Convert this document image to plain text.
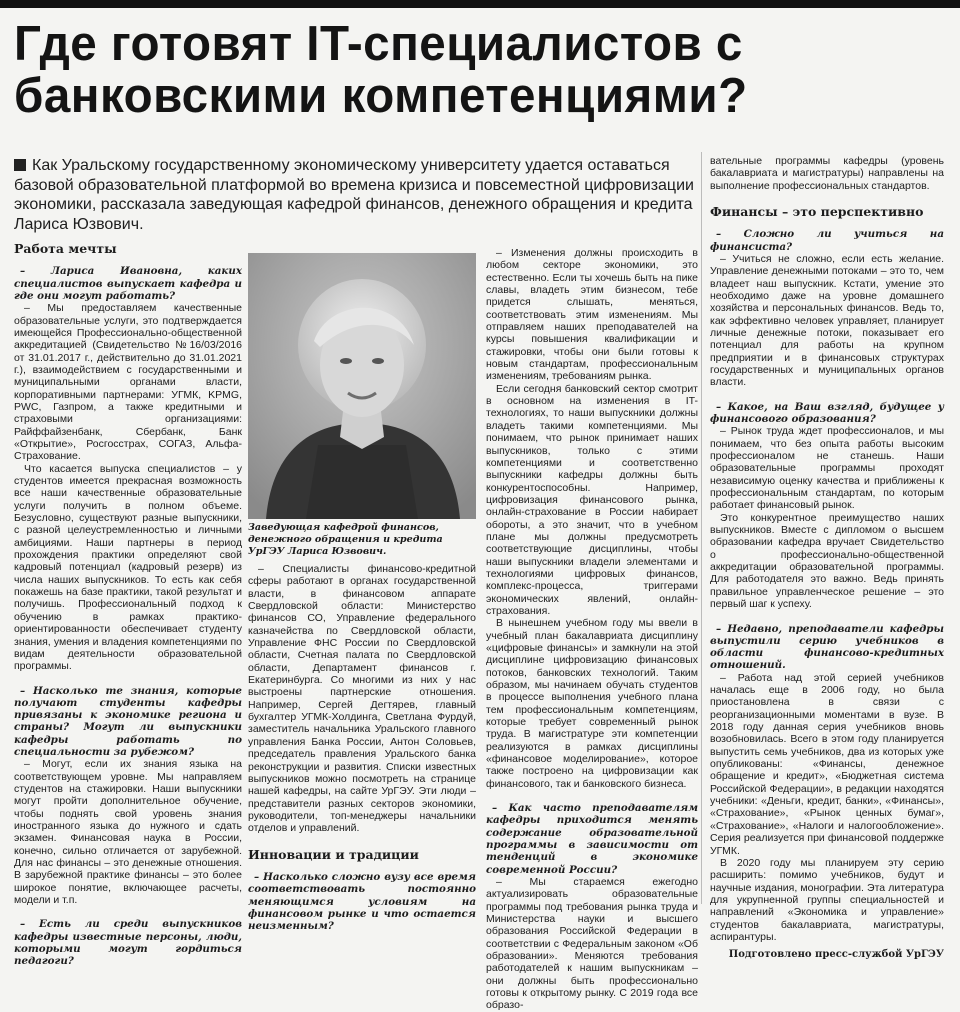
Где готовят IT-специалистов с банковскими компетенциями?

Как Уральскому государственному экономическому университету удается оставаться базовой образовательной платформой во времена кризиса и повсеместной цифровизации экономики, рассказала заведующая кафедрой финансов, денежного обращения и кредита Лариса Юзвович.

Работа мечты

– Лариса Ивановна, каких специалистов выпускает кафедра и где они могут работать?

– Мы предоставляем качественные образовательные услуги, это подтверждается имеющейся Профессионально-общественной аккредитацией (Свидетельство №16/03/2016 от 31.01.2017 г., действительно до 31.01.2021 г.), взаимодействием с государственными и муниципальными органами власти, корпоративными партнерами: УГМК, KPMG, PWC, Газпром, а также кредитными и страховыми организациями: Райффайзенбанк, Сбербанк, Банк «Открытие», Росгосстрах, СОГАЗ, Альфа-Страхование.

Что касается выпуска специалистов – у студентов имеется прекрасная возможность все наши качественные образовательные услуги получить в полном объеме. Безусловно, существуют разные выпускники, с разной целеустремленностью и личными амбициями. Наши партнеры в период прохождения практики определяют свой кадровый потенциал (кадровый резерв) из числа наших выпускников. То есть как себя покажешь на базе практики, такой результат и получишь. Профессиональный подход к обучению в рамках практико-ориентированности обеспечивает студенту знания, умения и владения компетенциями по видам деятельности образовательной программы.

– Насколько те знания, которые получают студенты кафедры привязаны к экономике региона и страны? Могут ли выпускники кафедры работать по специальности за рубежом?

– Могут, если их знания языка на соответствующем уровне. Мы направляем студентов на стажировки. Наши выпускники могут пройти дополнительное обучение, чтобы поднять свой уровень знания иностранного языка до нужного и сдать экзамен. Финансовая наука в России, конечно, сильно отличается от зарубежной. Для нас финансы – это денежные отношения. В зарубежной практике финансы – это более широкое понятие, включающее расчеты, модели и т.п.

– Есть ли среди выпускников кафедры известные персоны, люди, которыми могут гордиться педагоги?

Заведующая кафедрой финансов, денежного обращения и кредита УрГЭУ Лариса Юзвович.

– Специалисты финансово-кредитной сферы работают в органах государственной власти, в финансовом аппарате Свердловской области: Министерство финансов СО, Управление федерального казначейства по Свердловской области, Управление ФНС России по Свердловской области, Счетная палата по Свердловской области, Департамент финансов г. Екатеринбурга. Со многими из них у нас выстроены партнерские отношения. Например, Сергей Дегтярев, главный бухгалтер УГМК-Холдинга, Светлана Фурдуй, заместитель начальника Уральского главного управления Банка России, Антон Соловьев, председатель правления Уральского банка реконструкции и развития. Списки известных выпускников можно посмотреть на странице нашей кафедры, на сайте УрГЭУ. Эти люди – представители разных секторов экономики, руководители, топ-менеджеры начальники отделов и управлений.

Инновации и традиции

– Насколько сложно вузу все время соответствовать постоянно меняющимся условиям на финансовом рынке и что остается неизменным?

– Изменения должны происходить в любом секторе экономики, это естественно. Если ты хочешь быть на пике славы, владеть этим бизнесом, тебе придется слышать, меняться, соответствовать этим изменениям. Мы отправляем наших преподавателей на курсы повышения квалификации и стажировки, чтобы они были готовы к новым стандартам, профессиональным изменениям, требованиям рынка.

Если сегодня банковский сектор смотрит в основном на изменения в IT-технологиях, то наши выпускники должны владеть такими компетенциями. Мы понимаем, что рынок принимает наших выпускников, только с этими компетенциями и соответственно выпускники кафедры должны быть конкурентоспособны. Например, цифровизация финансового рынка, онлайн-страхование в России набирает обороты, а это значит, что в учебном плане мы должны предусмотреть соответствующие дисциплины, чтобы наши выпускники владели элементами и технологиями цифровых финансов, комплекс-процесса, триггерами экономических явлений, онлайн-страхования.

В нынешнем учебном году мы ввели в учебный план бакалавриата дисциплину «цифровые финансы» и замкнули на этой дисциплине цифровизацию финансовых потоков, банковских технологий. Таким образом, мы начинаем обучать студентов в процессе выполнения учебного плана тем профессиональным компетенциям, которые требует современный рынок труда. В магистратуре эти компетенции реализуются в рамках дисциплины «финансовое моделирование», которое также построено на цифровизации как финансового, так и банковского бизнеса.

– Как часто преподавателям кафедры приходится менять содержание образовательной программы в зависимости от тенденций в экономике современной России?

– Мы стараемся ежегодно актуализировать образовательные программы под требования рынка труда и Министерства науки и высшего образования Российской Федерации в соответствии с Федеральным законом «Об образовании». Меняются требования работодателей к нашим выпускникам – они должны быть профессионально готовы к открытому рынку. С 2019 года все образо-

вательные программы кафедры (уровень бакалавриата и магистратуры) направлены на выполнение профессиональных стандартов.

Финансы – это перспективно

– Сложно ли учиться на финансиста?

– Учиться не сложно, если есть желание. Управление денежными потоками – это то, чем владеет наш выпускник. Кстати, умение это необходимо даже на уровне домашнего хозяйства и персональных финансов. Ведь то, как эффективно человек управляет, планирует личные денежные потоки, показывает его потенциал для работы на крупном предприятии и в финансовых структурах государственных и муниципальных органов власти.

– Какое, на Ваш взгляд, будущее у финансового образования?

– Рынок труда ждет профессионалов, и мы понимаем, что без опыта работы высоким профессионалом не станешь. Наши образовательные программы проходят независимую оценку качества и приближены к профессиональным стандартам, по которым работает финансовый рынок.

Это конкурентное преимущество наших выпускников. Вместе с дипломом о высшем образовании кафедра вручает Свидетельство о профессионально-общественной аккредитации образовательной программы. Для работодателя это важно. Ведь принять правильное управленческое решение – это первый шаг к успеху.

– Недавно, преподаватели кафедры выпустили серию учебников в области финансово-кредитных отношений.

– Работа над этой серией учебников началась еще в 2006 году, но была приостановлена в связи с реорганизационными моментами в вузе. В 2018 году данная серия учебников вновь возобновилась. Всего в этом году планируется выпустить семь учебников, два из которых уже опубликованы: «Финансы, денежное обращение и кредит», «Бюджетная система Российской Федерации», в редакции находятся учебники: «Деньги, кредит, банки», «Финансы», «Страхование», «Рынок ценных бумаг», «Страхование», «Налоги и налогообложение». Серия реализуется при финансовой поддержке УГМК.

В 2020 году мы планируем эту серию расширить: помимо учебников, будут и научные издания, монографии. Эта литература для укрупненной группы специальностей и направлений «Экономика и управление» студентов бакалавриата, магистратуры, аспирантуры.

Подготовлено пресс-службой УрГЭУ
